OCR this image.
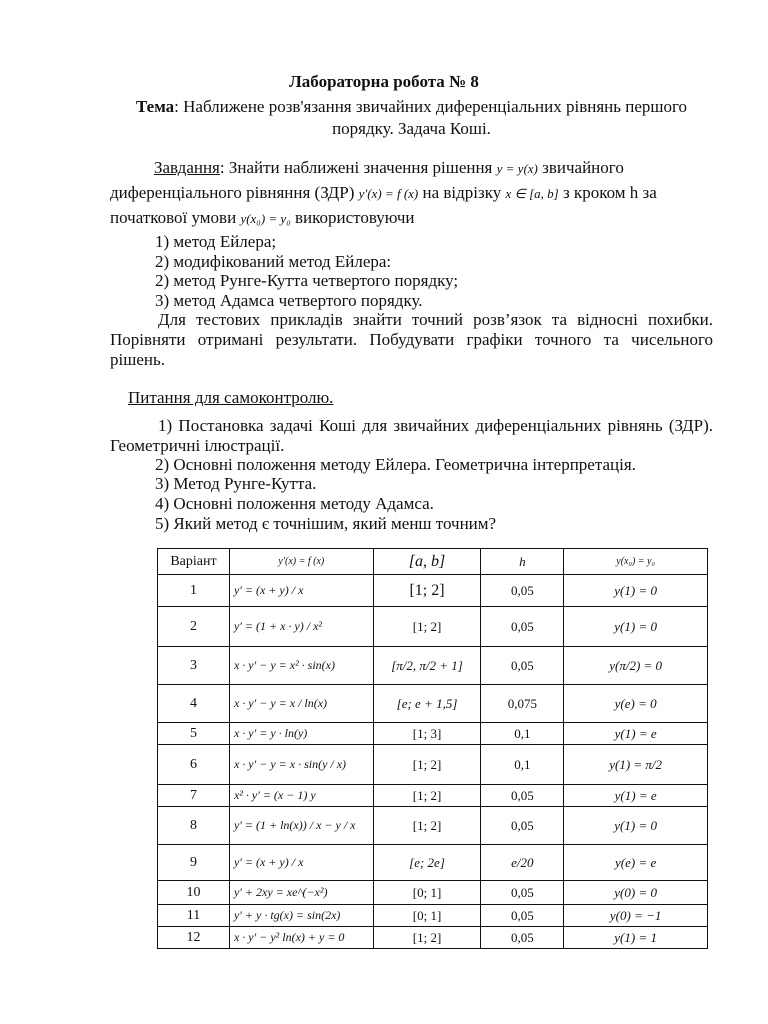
Лабораторна робота № 8
Тема: Наближене розв'язання звичайних диференціальних рівнянь першого порядку. Задача Коші.
Завдання: Знайти наближені значення рішення y = y(x) звичайного диференціального рівняння (ЗДР) y′(x) = f (x) на відрізку x ∈ [a, b] з кроком h за початкової умови y(x₀) = y₀ використовуючи
1) метод Ейлера;
2) модифікований метод Ейлера:
2) метод Рунге-Кутта четвертого порядку;
3) метод Адамса четвертого порядку.
Для тестових прикладів знайти точний розв’язок та відносні похибки. Порівняти отримані результати. Побудувати графіки точного та чисельного рішень.
Питання для самоконтролю.
1) Постановка задачі Коші для звичайних диференціальних рівнянь (ЗДР). Геометричні ілюстрації.
2) Основні положення методу Ейлера. Геометрична інтерпретація.
3) Метод Рунге-Кутта.
4) Основні положення методу Адамса.
5) Який метод є точнішим, який менш точним?
Варіант	y′(x) = f (x)	[a, b]	h	y(x₀) = y₀
1	y′ = (x + y) / x	[1; 2]	0,05	y(1) = 0
2	y′ = (1 + x · y) / x²	[1; 2]	0,05	y(1) = 0
3	x · y′ − y = x² · sin(x)	[π/2, π/2 + 1]	0,05	y(π/2) = 0
4	x · y′ − y = x / ln(x)	[e; e + 1,5]	0,075	y(e) = 0
5	x · y′ = y · ln(y)	[1; 3]	0,1	y(1) = e
6	x · y′ − y = x · sin(y / x)	[1; 2]	0,1	y(1) = π/2
7	x² · y′ = (x − 1) y	[1; 2]	0,05	y(1) = e
8	y′ = (1 + ln(x)) / x − y / x	[1; 2]	0,05	y(1) = 0
9	y′ = (x + y) / x	[e; 2e]	e/20	y(e) = e
10	y′ + 2xy = xe^(−x²)	[0; 1]	0,05	y(0) = 0
11	y′ + y · tg(x) = sin(2x)	[0; 1]	0,05	y(0) = −1
12	x · y′ − y² ln(x) + y = 0	[1; 2]	0,05	y(1) = 1
